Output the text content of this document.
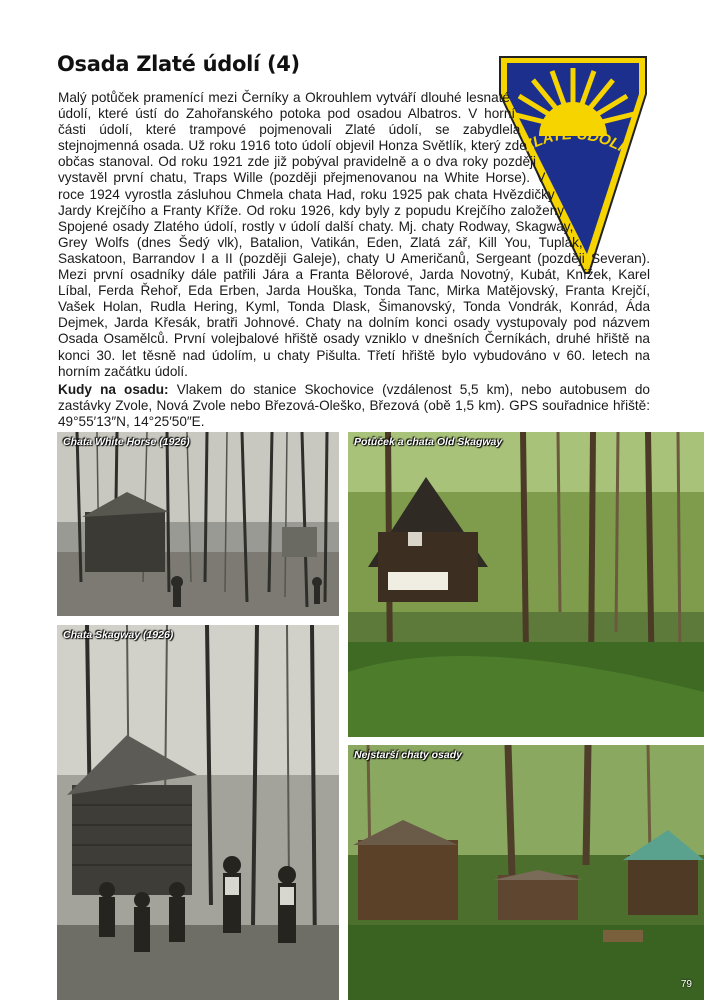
Osada Zlaté údolí (4)
ZLATÉ ÚDOLÍ

Malý potůček pramenící mezi Černíky a Okrouhlem vytváří dlouhé lesnaté údolí, které ústí do Zahořanského potoka pod osadou Albatros. V horní části údolí, které trampové pojmenovali Zlaté údolí, se zabydlela stejnojmenná osada. Už roku 1916 toto údolí objevil Honza Světlík, který zde občas stanoval. Od roku 1921 zde již pobýval pravidelně a o dva roky později vystavěl první chatu, Traps Wille (později přejmenovanou na White Horse). V roce 1924 vyrostla zásluhou Chmela chata Had, roku 1925 pak chata Hvězdičky Jardy Krejčího a Franty Kříže. Od roku 1926, kdy byly z popudu Krejčího založeny Spojené osady Zlatého údolí, rostly v údolí další chaty. Mj. chaty Rodway, Skagway, Grey Wolfs (dnes Šedý vlk), Batalion, Vatikán, Eden, Zlatá zář, Kill You, Tuplák, Saskatoon, Barrandov I a II (později Galeje), chaty U Američanů, Sergeant (později Severan). Mezi první osadníky dále patřili Jára a Franta Bělorové, Jarda Novotný, Kubát, Knížek, Karel Líbal, Ferda Řehoř, Eda Erben, Jarda Houška, Tonda Tanc, Mirka Matějovský, Franta Krejčí, Vašek Holan, Rudla Hering, Kyml, Tonda Dlask, Šimanovský, Tonda Vondrák, Konrád, Áda Dejmek, Jarda Křesák, bratři Johnové. Chaty na dolním konci osady vystupovaly pod názvem Osada Osamělců. První volejbalové hřiště osady vzniklo v dnešních Černíkách, druhé hřiště na konci 30. let těsně nad údolím, u chaty Pišulta. Třetí hřiště bylo vybudováno v 60. letech na horním začátku údolí.

Kudy na osadu: Vlakem do stanice Skochovice (vzdálenost 5,5 km), nebo autobusem do zastávky Zvole, Nová Zvole nebo Březová-Oleško, Březová (obě 1,5 km). GPS souřadnice hřiště: 49°55′13″N, 14°25′50″E.

Chata White Horse (1926)
Chata Skagway (1926)
Potůček a chata Old Skagway
Nejstarší chaty osady
79
